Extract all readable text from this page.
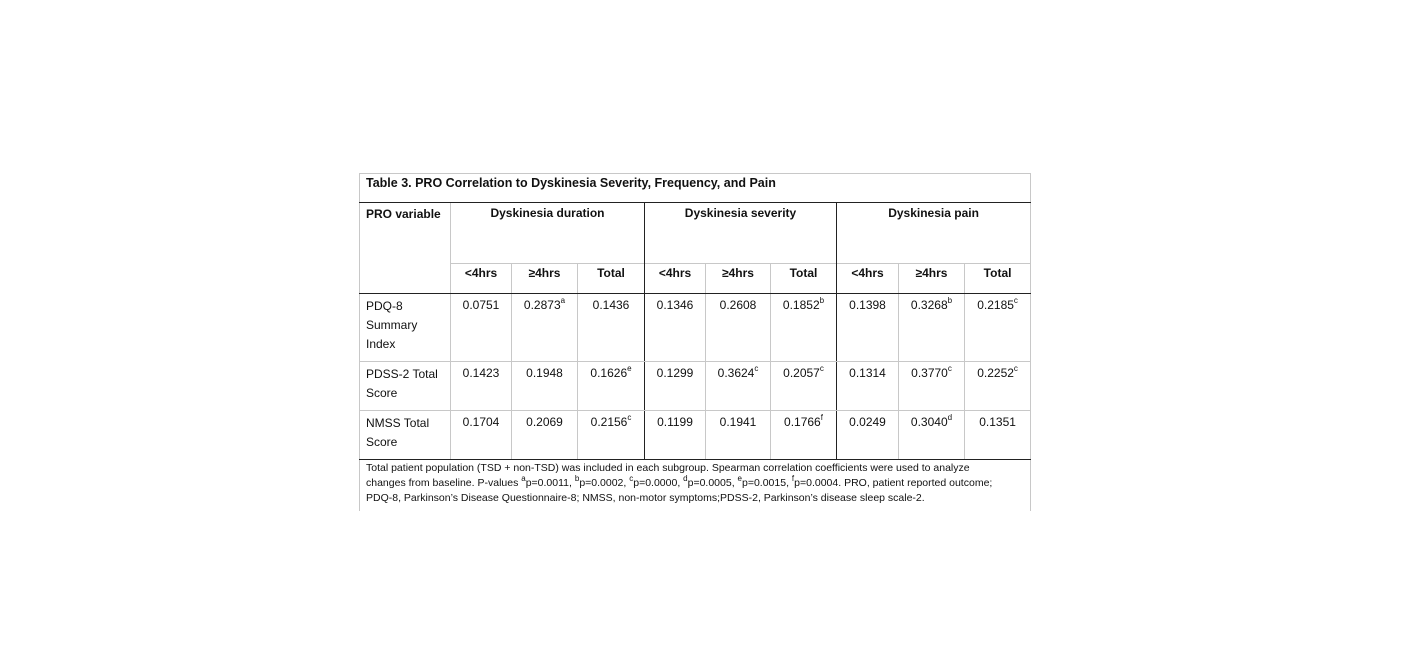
Table 3. PRO Correlation to Dyskinesia Severity, Frequency, and Pain									

PRO variable	Dyskinesia duration			Dyskinesia severity			Dyskinesia pain		
	<4hrs	≥4hrs	Total	<4hrs	≥4hrs	Total	<4hrs	≥4hrs	Total
PDQ-8 Summary Index	0.0751	0.2873$^a$	0.1436	0.1346	0.2608	0.1852$^b$	0.1398	0.3268$^b$	0.2185$^c$
PDSS-2 Total Score	0.1423	0.1948	0.1626e	0.1299	0.3624$^c$	0.2057$^c$	0.1314	0.3770$^c$	0.2252$^c$
NMSS Total Score	0.1704	0.2069	0.2156$^c$	0.1199	0.1941	0.1766$^f$	0.0249	0.3040$^d$	0.1351

Total patient population (TSD + non-TSD) was included in each subgroup. Spearman correlation coefficients were used to analyze
changes from baseline. P-values $^a$p=0.0011, $^b$p=0.0002, $^c$p=0.0000, $^d$p=0.0005, $^e$p=0.0015, $^f$p=0.0004. PRO, patient reported outcome;
PDQ-8, Parkinson’s Disease Questionnaire-8; NMSS, non-motor symptoms;PDSS-2, Parkinson’s disease sleep scale-2.									
